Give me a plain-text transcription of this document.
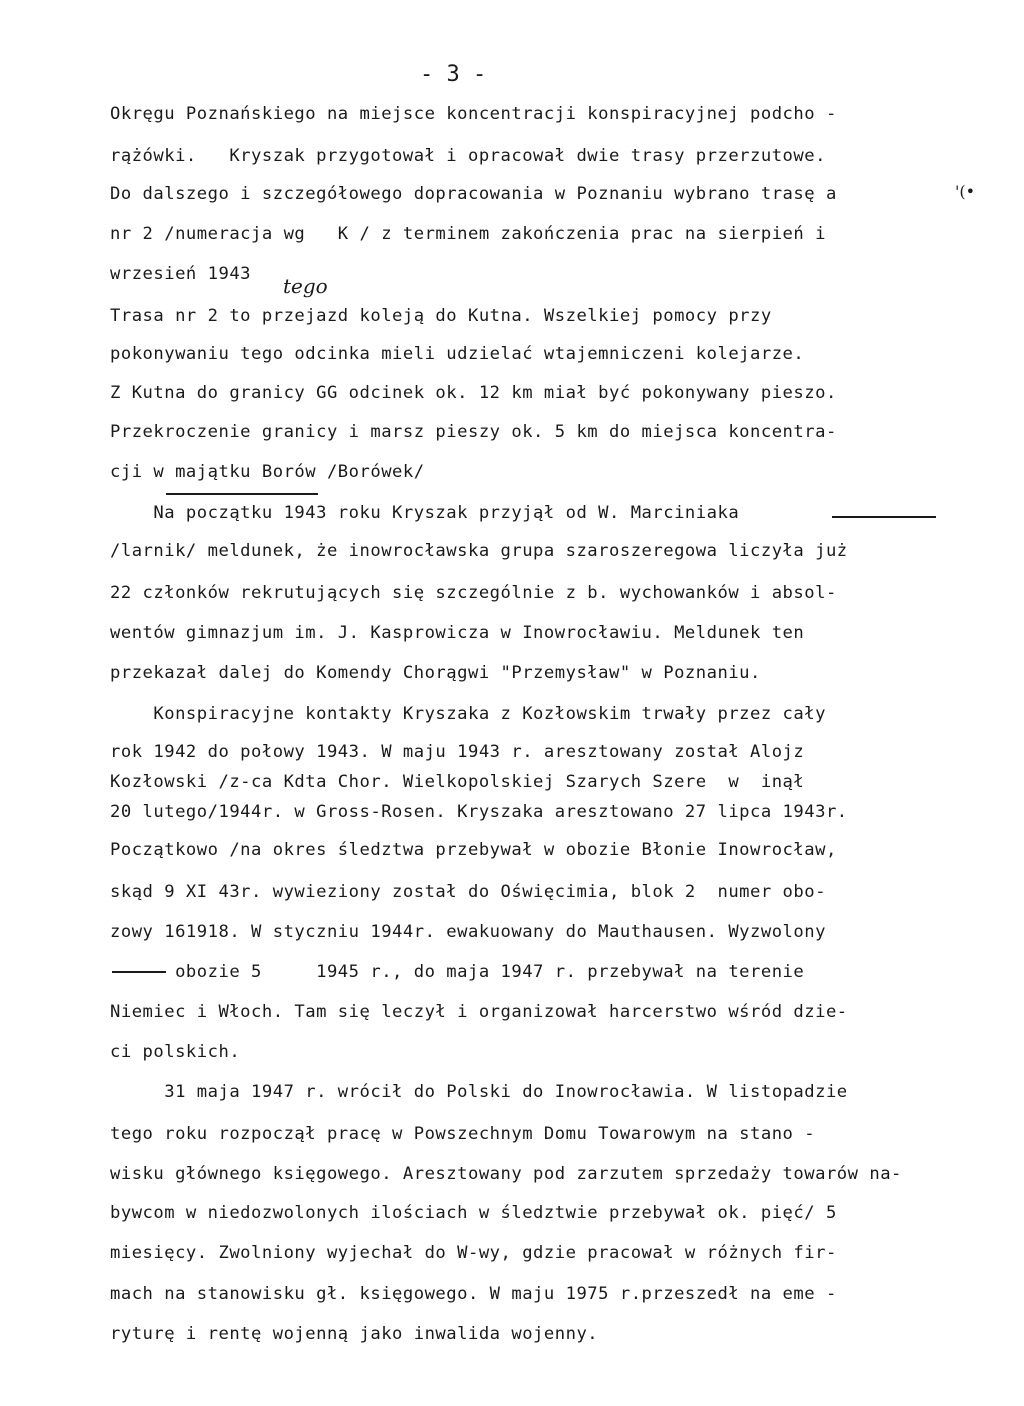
- 3 -
'(•
tego
Okręgu Poznańskiego na miejsce koncentracji konspiracyjnej podcho -
rążówki.   Kryszak przygotował i opracował dwie trasy przerzutowe.
Do dalszego i szczegółowego dopracowania w Poznaniu wybrano trasę a
nr 2 /numeracja wg   K / z terminem zakończenia prac na sierpień i
wrzesień 1943
Trasa nr 2 to przejazd koleją do Kutna. Wszelkiej pomocy przy
pokonywaniu tego odcinka mieli udzielać wtajemniczeni kolejarze.
Z Kutna do granicy GG odcinek ok. 12 km miał być pokonywany pieszo.
Przekroczenie granicy i marsz pieszy ok. 5 km do miejsca koncentra-
cji w majątku Borów /Borówek/
Na początku 1943 roku Kryszak przyjął od W. Marciniaka
/larnik/ meldunek, że inowrocławska grupa szaroszeregowa liczyła już
22 członków rekrutujących się szczególnie z b. wychowanków i absol-
wentów gimnazjum im. J. Kasprowicza w Inowrocławiu. Meldunek ten
przekazał dalej do Komendy Chorągwi "Przemysław" w Poznaniu.
Konspiracyjne kontakty Kryszaka z Kozłowskim trwały przez cały
rok 1942 do połowy 1943. W maju 1943 r. aresztowany został Alojz
Kozłowski /z-ca Kdta Chor. Wielkopolskiej Szarych Szere  w  inął
20 lutego/1944r. w Gross-Rosen. Kryszaka aresztowano 27 lipca 1943r.
Początkowo /na okres śledztwa przebywał w obozie Błonie Inowrocław,
skąd 9 XI 43r. wywieziony został do Oświęcimia, blok 2  numer obo-
zowy 161918. W styczniu 1944r. ewakuowany do Mauthausen. Wyzwolony
obozie 5     1945 r., do maja 1947 r. przebywał na terenie
Niemiec i Włoch. Tam się leczył i organizował harcerstwo wśród dzie-
ci polskich.
31 maja 1947 r. wrócił do Polski do Inowrocławia. W listopadzie
tego roku rozpoczął pracę w Powszechnym Domu Towarowym na stano -
wisku głównego księgowego. Aresztowany pod zarzutem sprzedaży towarów na-
bywcom w niedozwolonych ilościach w śledztwie przebywał ok. pięć/ 5
miesięcy. Zwolniony wyjechał do W-wy, gdzie pracował w różnych fir-
mach na stanowisku gł. księgowego. W maju 1975 r.przeszedł na eme -
ryturę i rentę wojenną jako inwalida wojenny.
